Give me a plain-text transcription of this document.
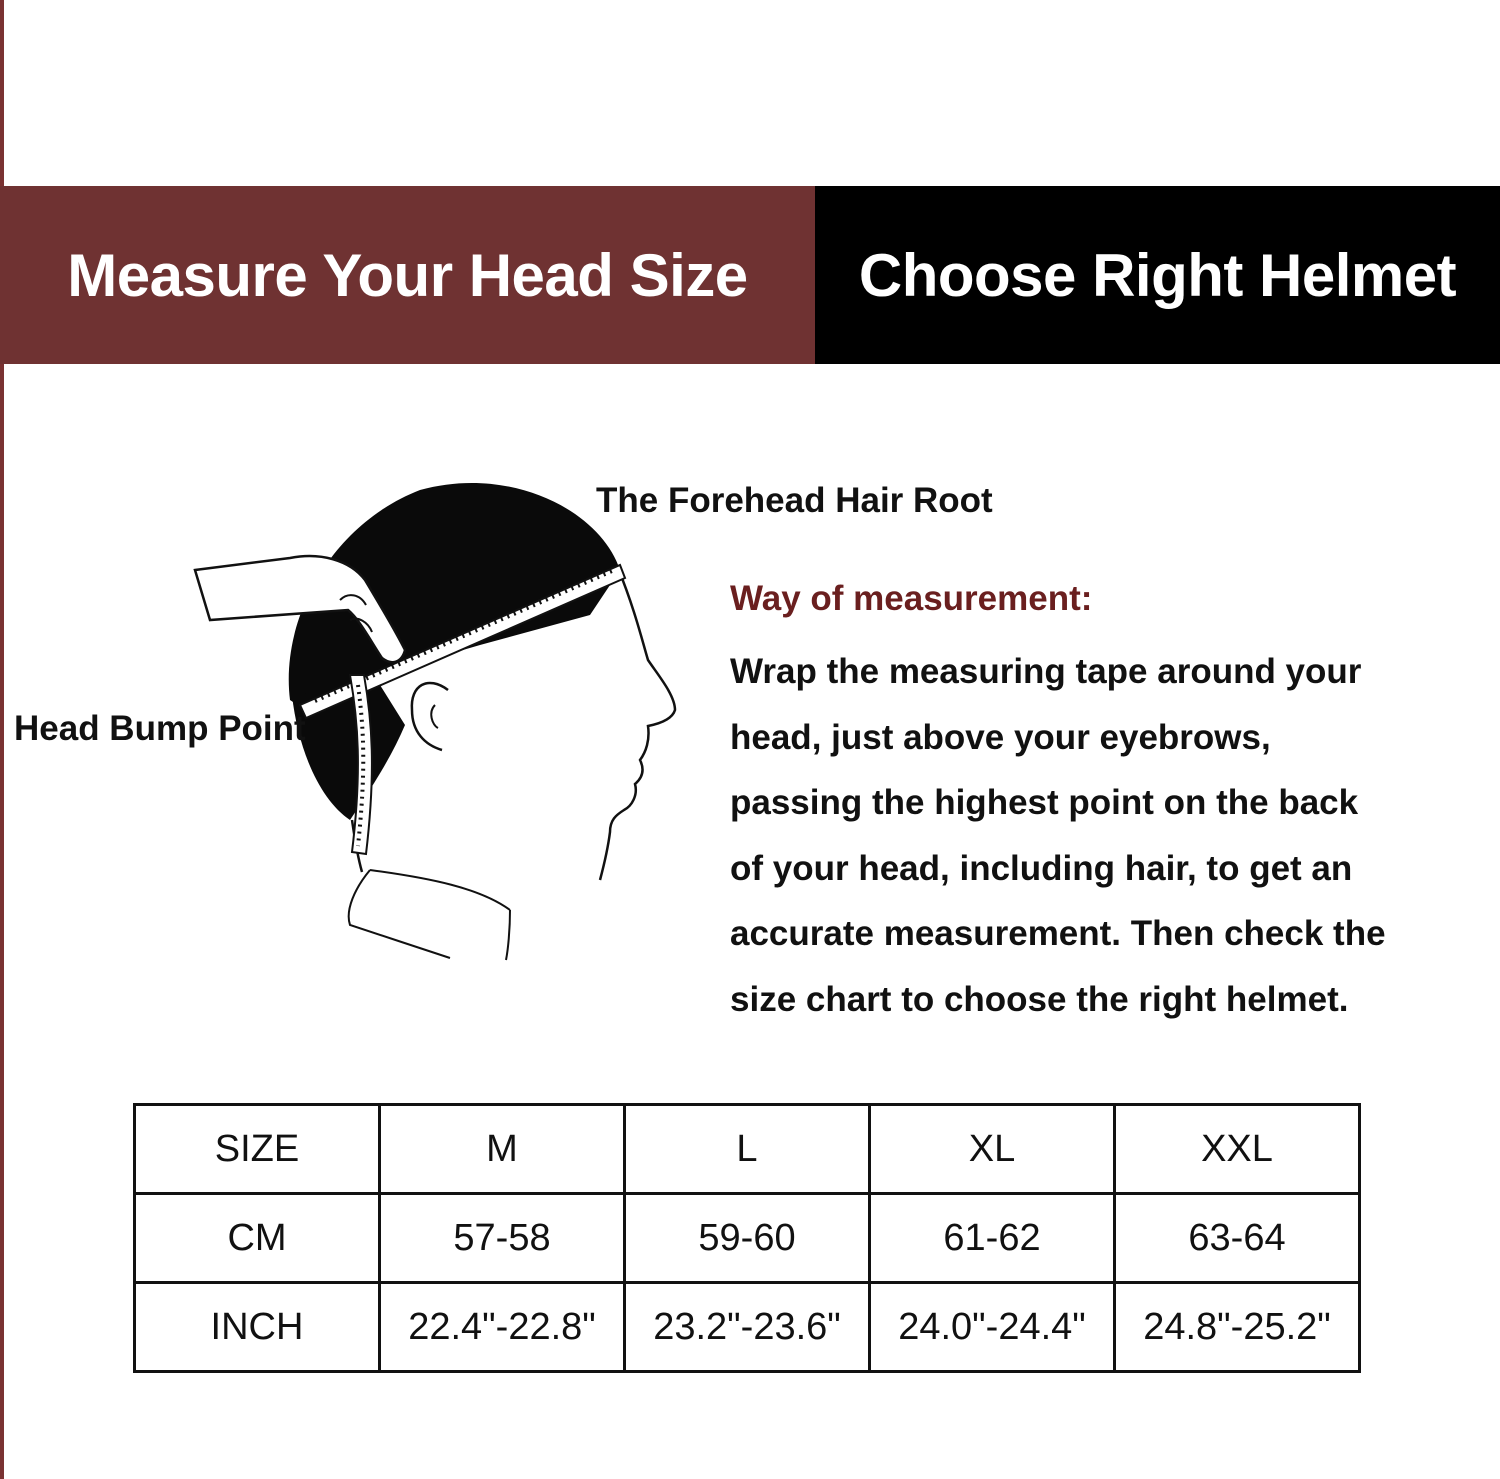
Measure Your Head Size Choose Right Helmet
The Forehead Hair Root
Head Bump Point
Way of measurement:
Wrap the measuring tape around your
head, just above your eyebrows,
passing the highest point on the back
of your head, including hair, to get an
accurate measurement. Then check the
size chart to choose the right helmet.
SIZE	M	L	XL	XXL
CM	57-58	59-60	61-62	63-64
INCH	22.4"-22.8"	23.2"-23.6"	24.0"-24.4"	24.8"-25.2"
